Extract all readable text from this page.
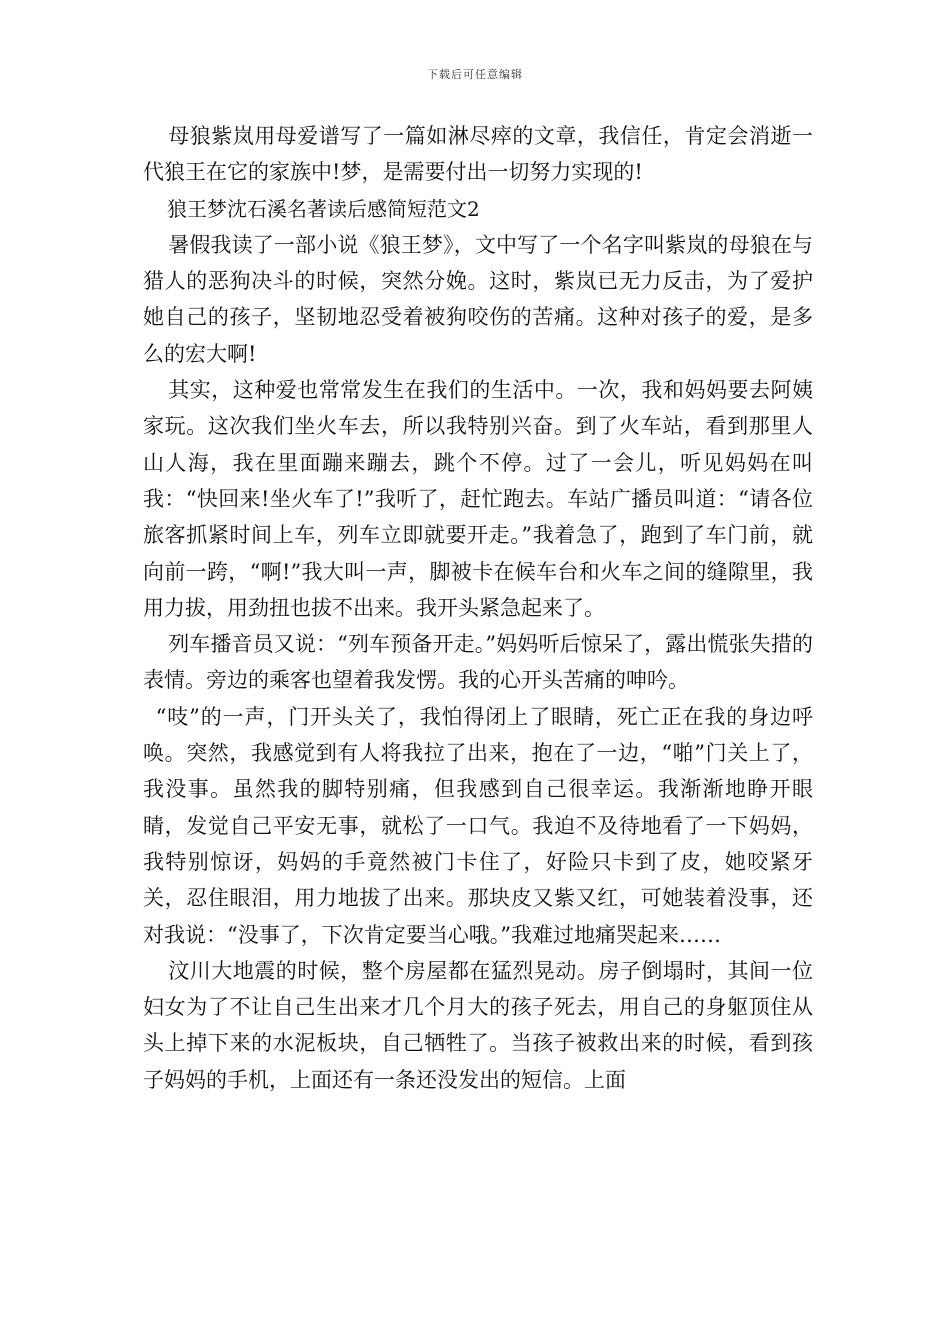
下载后可任意编辑

母狼紫岚用母爱谱写了一篇如淋尽瘁的文章，我信任，肯定会消逝一代狼王在它的家族中!梦，是需要付出一切努力实现的!

狼王梦沈石溪名著读后感简短范文2

暑假我读了一部小说《狼王梦》，文中写了一个名字叫紫岚的母狼在与猎人的恶狗决斗的时候，突然分娩。这时，紫岚已无力反击，为了爱护她自己的孩子，坚韧地忍受着被狗咬伤的苦痛。这种对孩子的爱，是多么的宏大啊!

其实，这种爱也常常发生在我们的生活中。一次，我和妈妈要去阿姨家玩。这次我们坐火车去，所以我特别兴奋。到了火车站，看到那里人山人海，我在里面蹦来蹦去，跳个不停。过了一会儿，听见妈妈在叫我：“快回来!坐火车了!”我听了，赶忙跑去。车站广播员叫道：“请各位旅客抓紧时间上车，列车立即就要开走。”我着急了，跑到了车门前，就向前一跨，“啊!”我大叫一声，脚被卡在候车台和火车之间的缝隙里，我用力拔，用劲扭也拔不出来。我开头紧急起来了。

列车播音员又说：“列车预备开走。”妈妈听后惊呆了，露出慌张失措的表情。旁边的乘客也望着我发愣。我的心开头苦痛的呻吟。

“吱”的一声，门开头关了，我怕得闭上了眼睛，死亡正在我的身边呼唤。突然，我感觉到有人将我拉了出来，抱在了一边，“啪”门关上了，我没事。虽然我的脚特别痛，但我感到自己很幸运。我渐渐地睁开眼睛，发觉自己平安无事，就松了一口气。我迫不及待地看了一下妈妈，我特别惊讶，妈妈的手竟然被门卡住了，好险只卡到了皮，她咬紧牙关，忍住眼泪，用力地拔了出来。那块皮又紫又红，可她装着没事，还对我说：“没事了，下次肯定要当心哦。”我难过地痛哭起来……

汶川大地震的时候，整个房屋都在猛烈晃动。房子倒塌时，其间一位妇女为了不让自己生出来才几个月大的孩子死去，用自己的身躯顶住从头上掉下来的水泥板块，自己牺牲了。当孩子被救出来的时候，看到孩子妈妈的手机，上面还有一条还没发出的短信。上面
